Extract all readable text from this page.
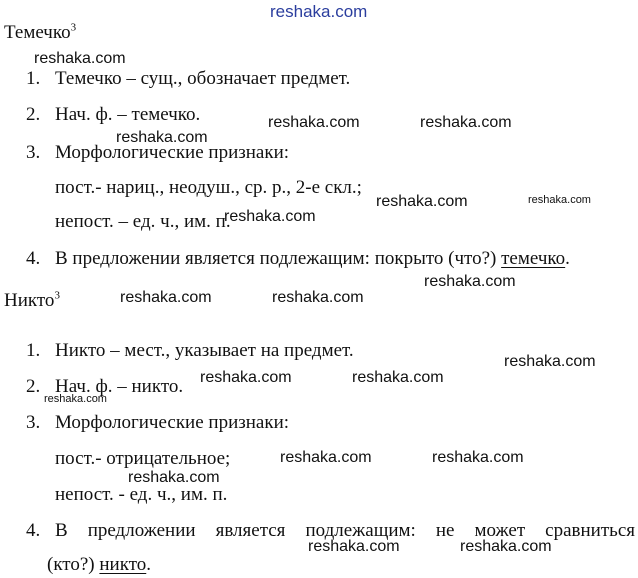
reshaka.com
Темечко$^3$
1. Темечко – сущ., обозначает предмет.
2. Нач. ф. – темечко.
3. Морфологические признаки:
пост.- нариц., неодуш., ср. р., 2-е скл.;
непост. – ед. ч., им. п.
4. В предложении является подлежащим: покрыто (что?) темечко.
Никто$^3$
1. Никто – мест., указывает на предмет.
2. Нач. ф. – никто.
3. Морфологические признаки:
пост.- отрицательное;
непост. - ед. ч., им. п.
4. В предложении является подлежащим: не может сравниться
(кто?) никто.
reshaka.com
reshaka.com
reshaka.com	reshaka.com
reshaka.com	reshaka.com
reshaka.com
reshaka.com
reshaka.com	reshaka.com
reshaka.com
reshaka.com	reshaka.com
reshaka.com
reshaka.com	reshaka.com
reshaka.com
reshaka.com	reshaka.com
